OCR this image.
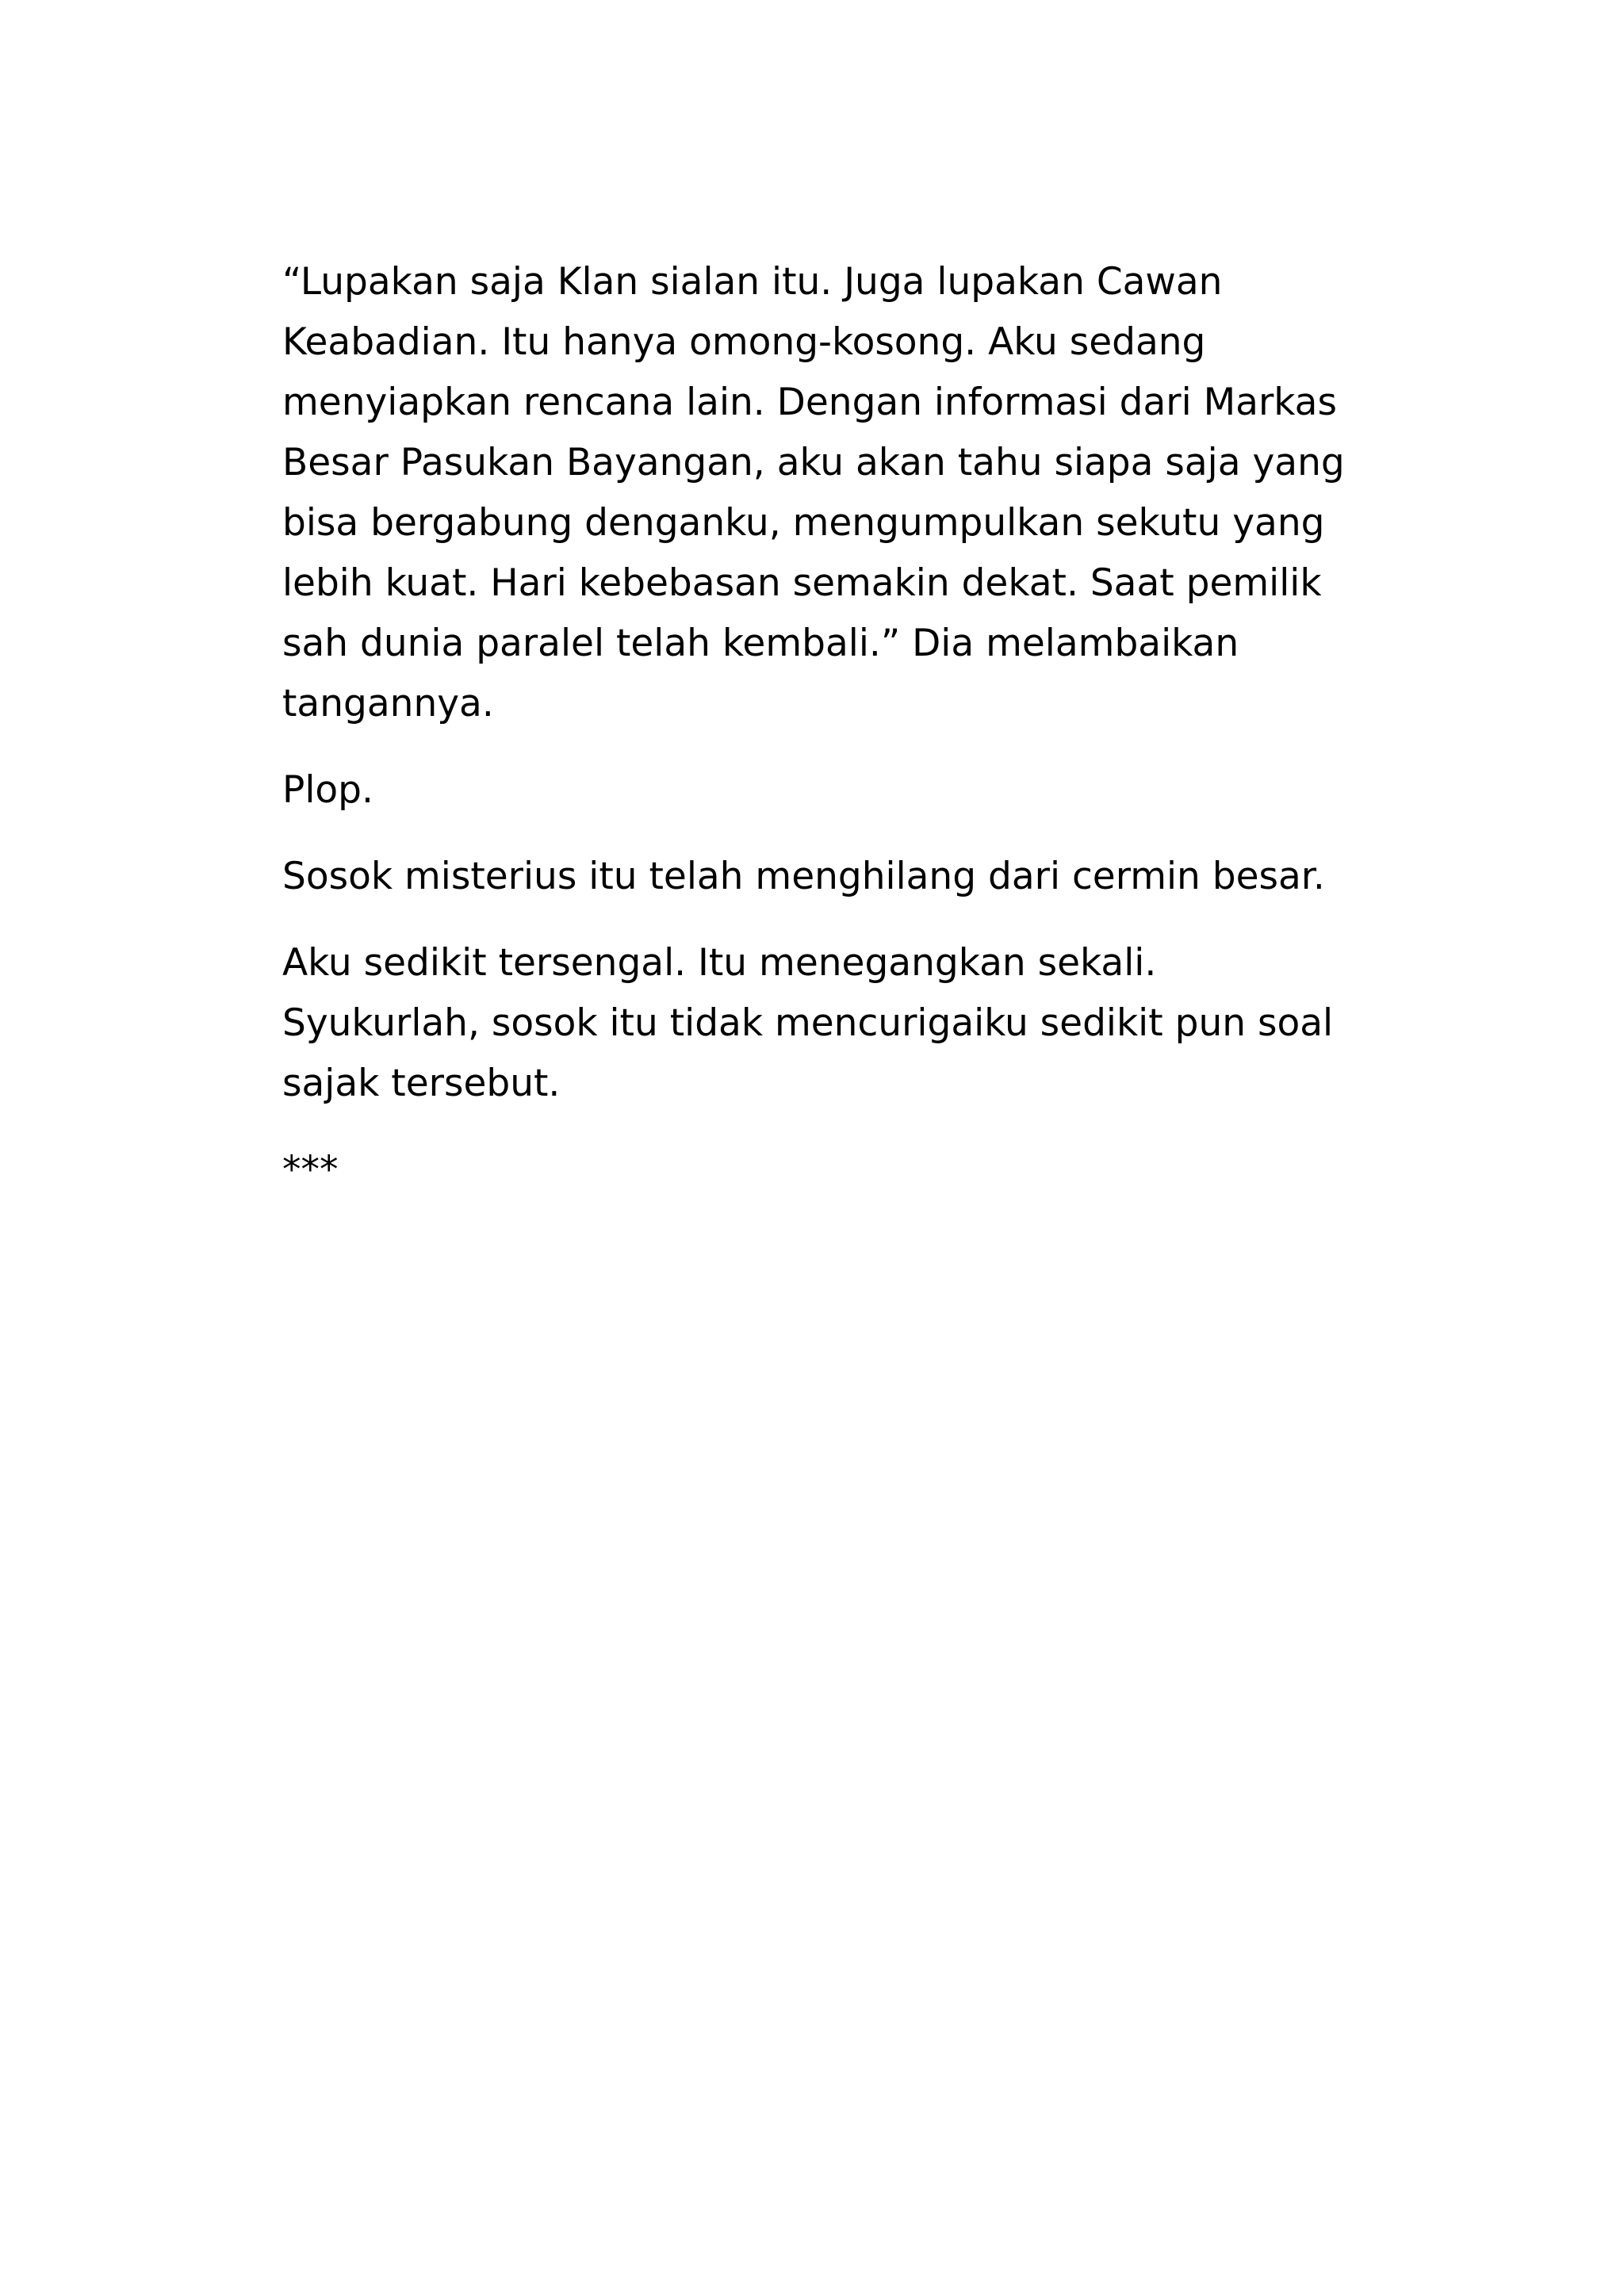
“Lupakan saja Klan sialan itu. Juga lupakan Cawan
Keabadian. Itu hanya omong-kosong. Aku sedang
menyiapkan rencana lain. Dengan informasi dari Markas
Besar Pasukan Bayangan, aku akan tahu siapa saja yang
bisa bergabung denganku, mengumpulkan sekutu yang
lebih kuat. Hari kebebasan semakin dekat. Saat pemilik
sah dunia paralel telah kembali.” Dia melambaikan
tangannya.

Plop.

Sosok misterius itu telah menghilang dari cermin besar.

Aku sedikit tersengal. Itu menegangkan sekali.
Syukurlah, sosok itu tidak mencurigaiku sedikit pun soal
sajak tersebut.

***
